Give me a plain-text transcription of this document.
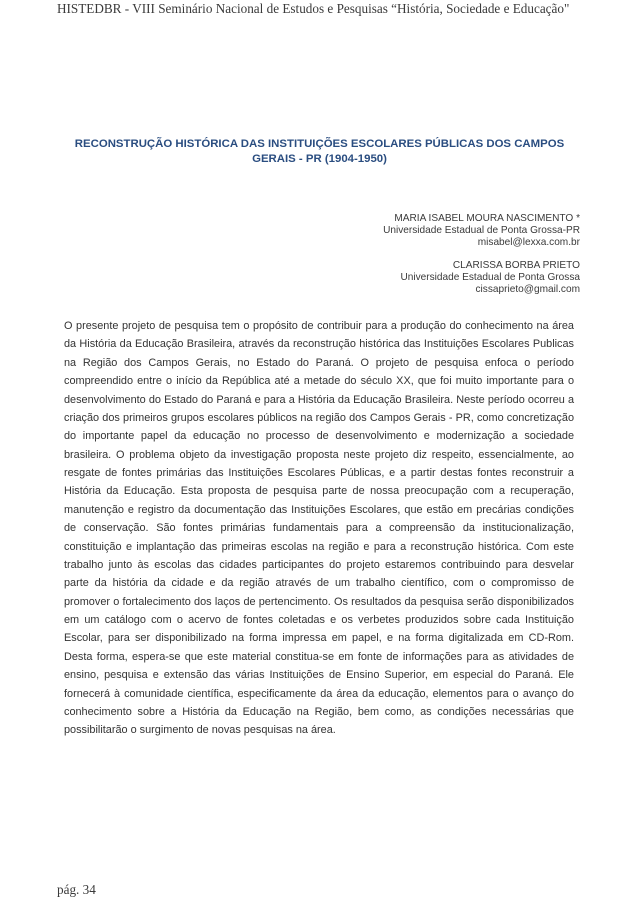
HISTEDBR - VIII Seminário Nacional de Estudos e Pesquisas “História, Sociedade e Educação"
RECONSTRUÇÃO HISTÓRICA DAS INSTITUIÇÕES ESCOLARES PÚBLICAS DOS CAMPOS GERAIS - PR (1904-1950)
MARIA ISABEL MOURA NASCIMENTO *
Universidade Estadual de Ponta Grossa-PR
misabel@lexxa.com.br
CLARISSA BORBA PRIETO
Universidade Estadual de Ponta Grossa
cissaprieto@gmail.com

O presente projeto de pesquisa tem o propósito de contribuir para a produção do conhecimento na área da História da Educação Brasileira, através da reconstrução histórica das Instituições Escolares Publicas na Região dos Campos Gerais, no Estado do Paraná. O projeto de pesquisa enfoca o período compreendido entre o início da República até a metade do século XX, que foi muito importante para o desenvolvimento do Estado do Paraná e para a História da Educação Brasileira. Neste período ocorreu a criação dos primeiros grupos escolares públicos na região dos Campos Gerais - PR, como concretização do importante papel da educação no processo de desenvolvimento e modernização a sociedade brasileira. O problema objeto da investigação proposta neste projeto diz respeito, essencialmente, ao resgate de fontes primárias das Instituições Escolares Públicas, e a partir destas fontes reconstruir a História da Educação. Esta proposta de pesquisa parte de nossa preocupação com a recuperação, manutenção e registro da documentação das Instituições Escolares, que estão em precárias condições de conservação. São fontes primárias fundamentais para a compreensão da institucionalização, constituição e implantação das primeiras escolas na região e para a reconstrução histórica. Com este trabalho junto às escolas das cidades participantes do projeto estaremos contribuindo para desvelar parte da história da cidade e da região através de um trabalho científico, com o compromisso de promover o fortalecimento dos laços de pertencimento. Os resultados da pesquisa serão disponibilizados em um catálogo com o acervo de fontes coletadas e os verbetes produzidos sobre cada Instituição Escolar, para ser disponibilizado na forma impressa em papel, e na forma digitalizada em CD-Rom. Desta forma, espera-se que este material constitua-se em fonte de informações para as atividades de ensino, pesquisa e extensão das várias Instituições de Ensino Superior, em especial do Paraná. Ele fornecerá à comunidade científica, especificamente da área da educação, elementos para o avanço do conhecimento sobre a História da Educação na Região, bem como, as condições necessárias que possibilitarão o surgimento de novas pesquisas na área.

pág. 34
